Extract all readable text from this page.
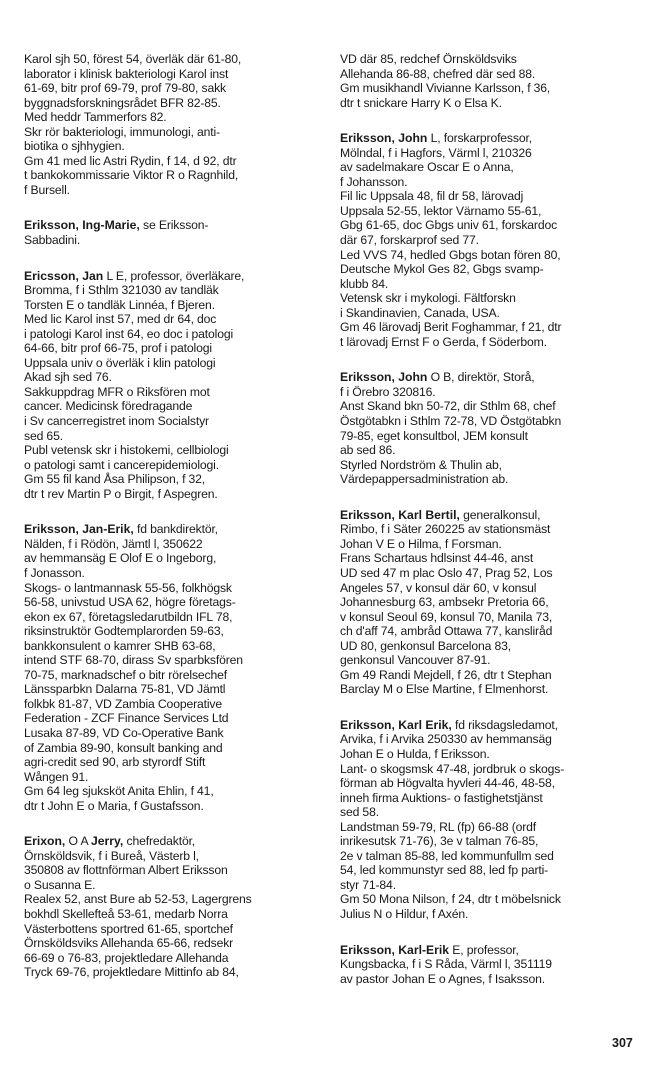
Karol sjh 50, förest 54, överläk där 61-80,
laborator i klinisk bakteriologi Karol inst
61-69, bitr prof 69-79, prof 79-80, sakk
byggnadsforskningsrådet BFR 82-85.
Med heddr Tammerfors 82.
Skr rör bakteriologi, immunologi, anti-
biotika o sjhhygien.
Gm 41 med lic Astri Rydin, f 14, d 92, dtr
t bankokommissarie Viktor R o Ragnhild,
f Bursell.
Eriksson, Ing-Marie, se Eriksson-
Sabbadini.
Ericsson, Jan L E, professor, överläkare,
Bromma, f i Sthlm 321030 av tandläk
Torsten E o tandläk Linnéa, f Bjeren.
Med lic Karol inst 57, med dr 64, doc
i patologi Karol inst 64, eo doc i patologi
64-66, bitr prof 66-75, prof i patologi
Uppsala univ o överläk i klin patologi
Akad sjh sed 76.
Sakkuppdrag MFR o Riksfören mot
cancer. Medicinsk föredragande
i Sv cancerregistret inom Socialstyr
sed 65.
Publ vetensk skr i histokemi, cellbiologi
o patologi samt i cancerepidemiologi.
Gm 55 fil kand Åsa Philipson, f 32,
dtr t rev Martin P o Birgit, f Aspegren.
Eriksson, Jan-Erik, fd bankdirektör,
Nälden, f i Rödön, Jämtl l, 350622
av hemmansäg E Olof E o Ingeborg,
f Jonasson.
Skogs- o lantmannask 55-56, folkhögsk
56-58, univstud USA 62, högre företags-
ekon ex 67, företagsledarutbildn IFL 78,
riksinstruktör Godtemplarorden 59-63,
bankkonsulent o kamrer SHB 63-68,
intend STF 68-70, dirass Sv sparbksfören
70-75, marknadschef o bitr rörelsechef
Länssparbkn Dalarna 75-81, VD Jämtl
folkbk 81-87, VD Zambia Cooperative
Federation - ZCF Finance Services Ltd
Lusaka 87-89, VD Co-Operative Bank
of Zambia 89-90, konsult banking and
agri-credit sed 90, arb styrordf Stift
Wången 91.
Gm 64 leg sjuksköt Anita Ehlin, f 41,
dtr t John E o Maria, f Gustafsson.
Erixon, O A Jerry, chefredaktör,
Örnsköldsvik, f i Bureå, Västerb l,
350808 av flottnförman Albert Eriksson
o Susanna E.
Realex 52, anst Bure ab 52-53, Lagergrens
bokhdl Skellefteå 53-61, medarb Norra
Västerbottens sportred 61-65, sportchef
Örnsköldsviks Allehanda 65-66, redsekr
66-69 o 76-83, projektledare Allehanda
Tryck 69-76, projektledare Mittinfo ab 84,
VD där 85, redchef Örnsköldsviks
Allehanda 86-88, chefred där sed 88.
Gm musikhandl Vivianne Karlsson, f 36,
dtr t snickare Harry K o Elsa K.
Eriksson, John L, forskarprofessor,
Mölndal, f i Hagfors, Värml l, 210326
av sadelmakare Oscar E o Anna,
f Johansson.
Fil lic Uppsala 48, fil dr 58, lärovadj
Uppsala 52-55, lektor Värnamo 55-61,
Gbg 61-65, doc Gbgs univ 61, forskardoc
där 67, forskarprof sed 77.
Led VVS 74, hedled Gbgs botan fören 80,
Deutsche Mykol Ges 82, Gbgs svamp-
klubb 84.
Vetensk skr i mykologi. Fältforskn
i Skandinavien, Canada, USA.
Gm 46 lärovadj Berit Foghammar, f 21, dtr
t lärovadj Ernst F o Gerda, f Söderbom.
Eriksson, John O B, direktör, Storå,
f i Örebro 320816.
Anst Skand bkn 50-72, dir Sthlm 68, chef
Östgötabkn i Sthlm 72-78, VD Östgötabkn
79-85, eget konsultbol, JEM konsult
ab sed 86.
Styrled Nordström & Thulin ab,
Värdepappersadministration ab.
Eriksson, Karl Bertil, generalkonsul,
Rimbo, f i Säter 260225 av stationsmäst
Johan V E o Hilma, f Forsman.
Frans Schartaus hdlsinst 44-46, anst
UD sed 47 m plac Oslo 47, Prag 52, Los
Angeles 57, v konsul där 60, v konsul
Johannesburg 63, ambsekr Pretoria 66,
v konsul Seoul 69, konsul 70, Manila 73,
ch d'aff 74, ambråd Ottawa 77, kanslіråd
UD 80, genkonsul Barcelona 83,
genkonsul Vancouver 87-91.
Gm 49 Randi Mejdell, f 26, dtr t Stephan
Barclay M o Else Martine, f Elmenhorst.
Eriksson, Karl Erik, fd riksdagsledamot,
Arvika, f i Arvika 250330 av hemmansäg
Johan E o Hulda, f Eriksson.
Lant- o skogsmsk 47-48, jordbruk o skogs-
förman ab Högvalta hyvleri 44-46, 48-58,
inneh firma Auktions- o fastighetstjänst
sed 58.
Landstman 59-79, RL (fp) 66-88 (ordf
inrikesutsk 71-76), 3e v talman 76-85,
2e v talman 85-88, led kommunfullm sed
54, led kommunstyr sed 88, led fp parti-
styr 71-84.
Gm 50 Mona Nilson, f 24, dtr t möbelsnick
Julius N o Hildur, f Axén.
Eriksson, Karl-Erik E, professor,
Kungsbacka, f i S Råda, Värml l, 351119
av pastor Johan E o Agnes, f Isaksson.
307
